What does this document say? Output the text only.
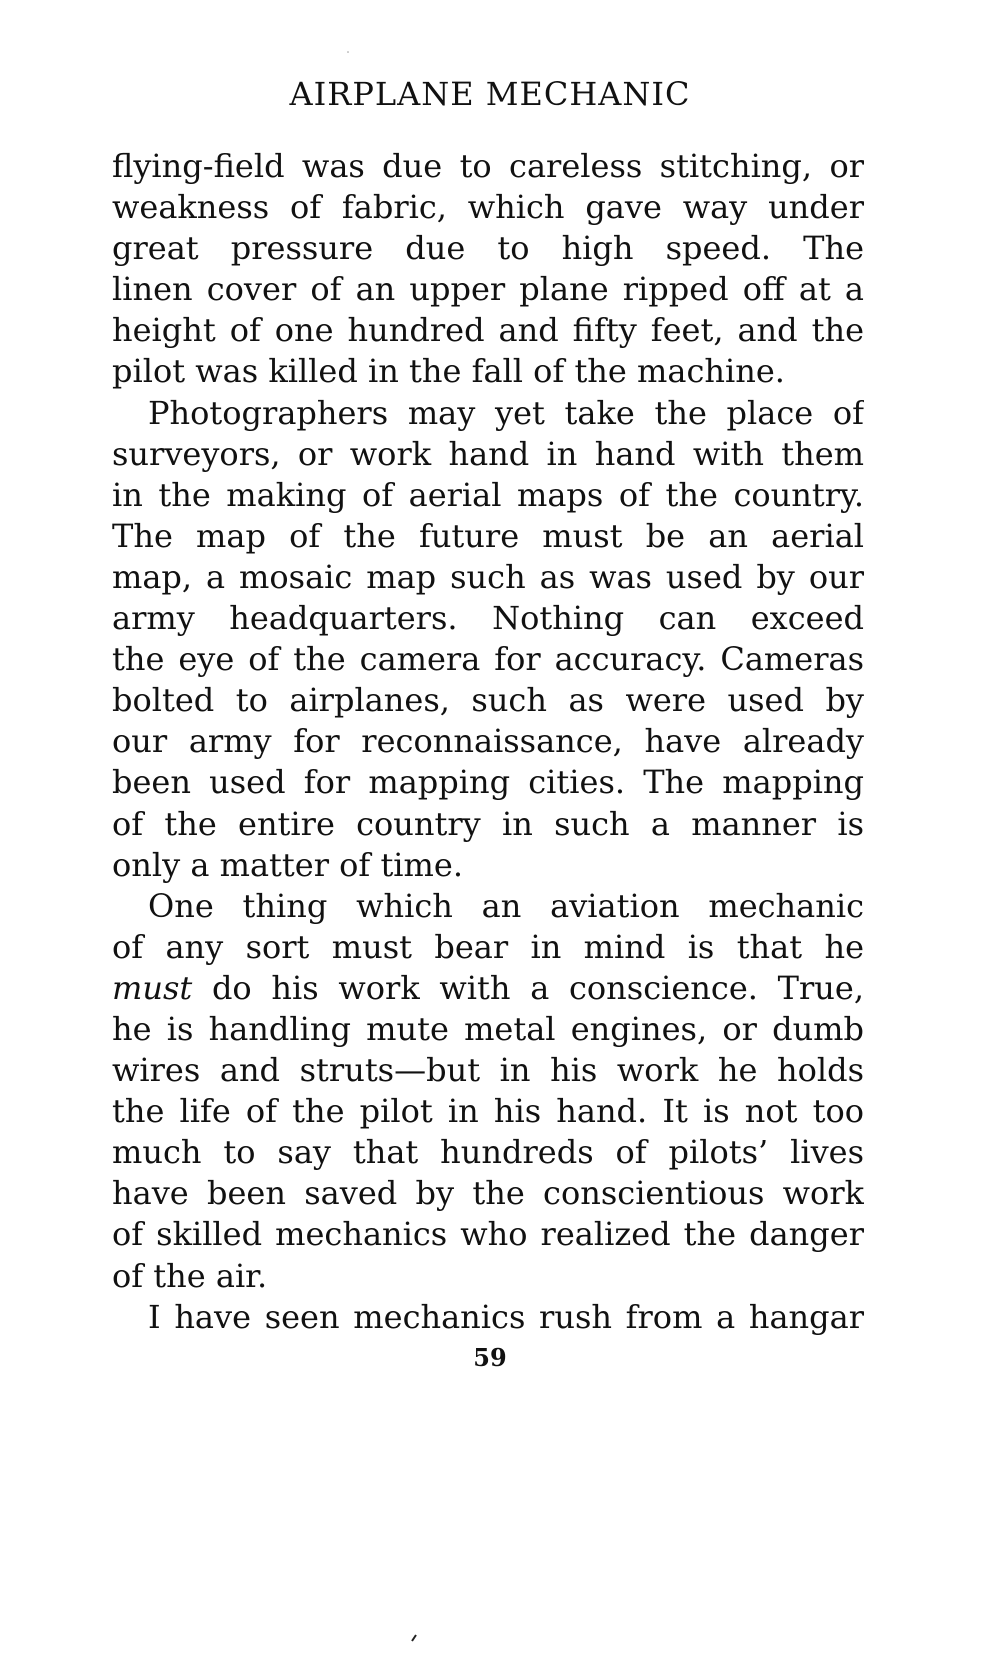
AIRPLANE MECHANIC
flying-field was due to careless stitching, or
weakness of fabric, which gave way under
great pressure due to high speed. The
linen cover of an upper plane ripped off at a
height of one hundred and fifty feet, and the
pilot was killed in the fall of the machine.
Photographers may yet take the place of
surveyors, or work hand in hand with them
in the making of aerial maps of the country.
The map of the future must be an aerial
map, a mosaic map such as was used by our
army headquarters. Nothing can exceed
the eye of the camera for accuracy. Cameras
bolted to airplanes, such as were used by
our army for reconnaissance, have already
been used for mapping cities. The mapping
of the entire country in such a manner is
only a matter of time.
One thing which an aviation mechanic
of any sort must bear in mind is that he
must do his work with a conscience. True,
he is handling mute metal engines, or dumb
wires and struts—but in his work he holds
the life of the pilot in his hand. It is not too
much to say that hundreds of pilots’ lives
have been saved by the conscientious work
of skilled mechanics who realized the danger
of the air.
I have seen mechanics rush from a hangar
59
